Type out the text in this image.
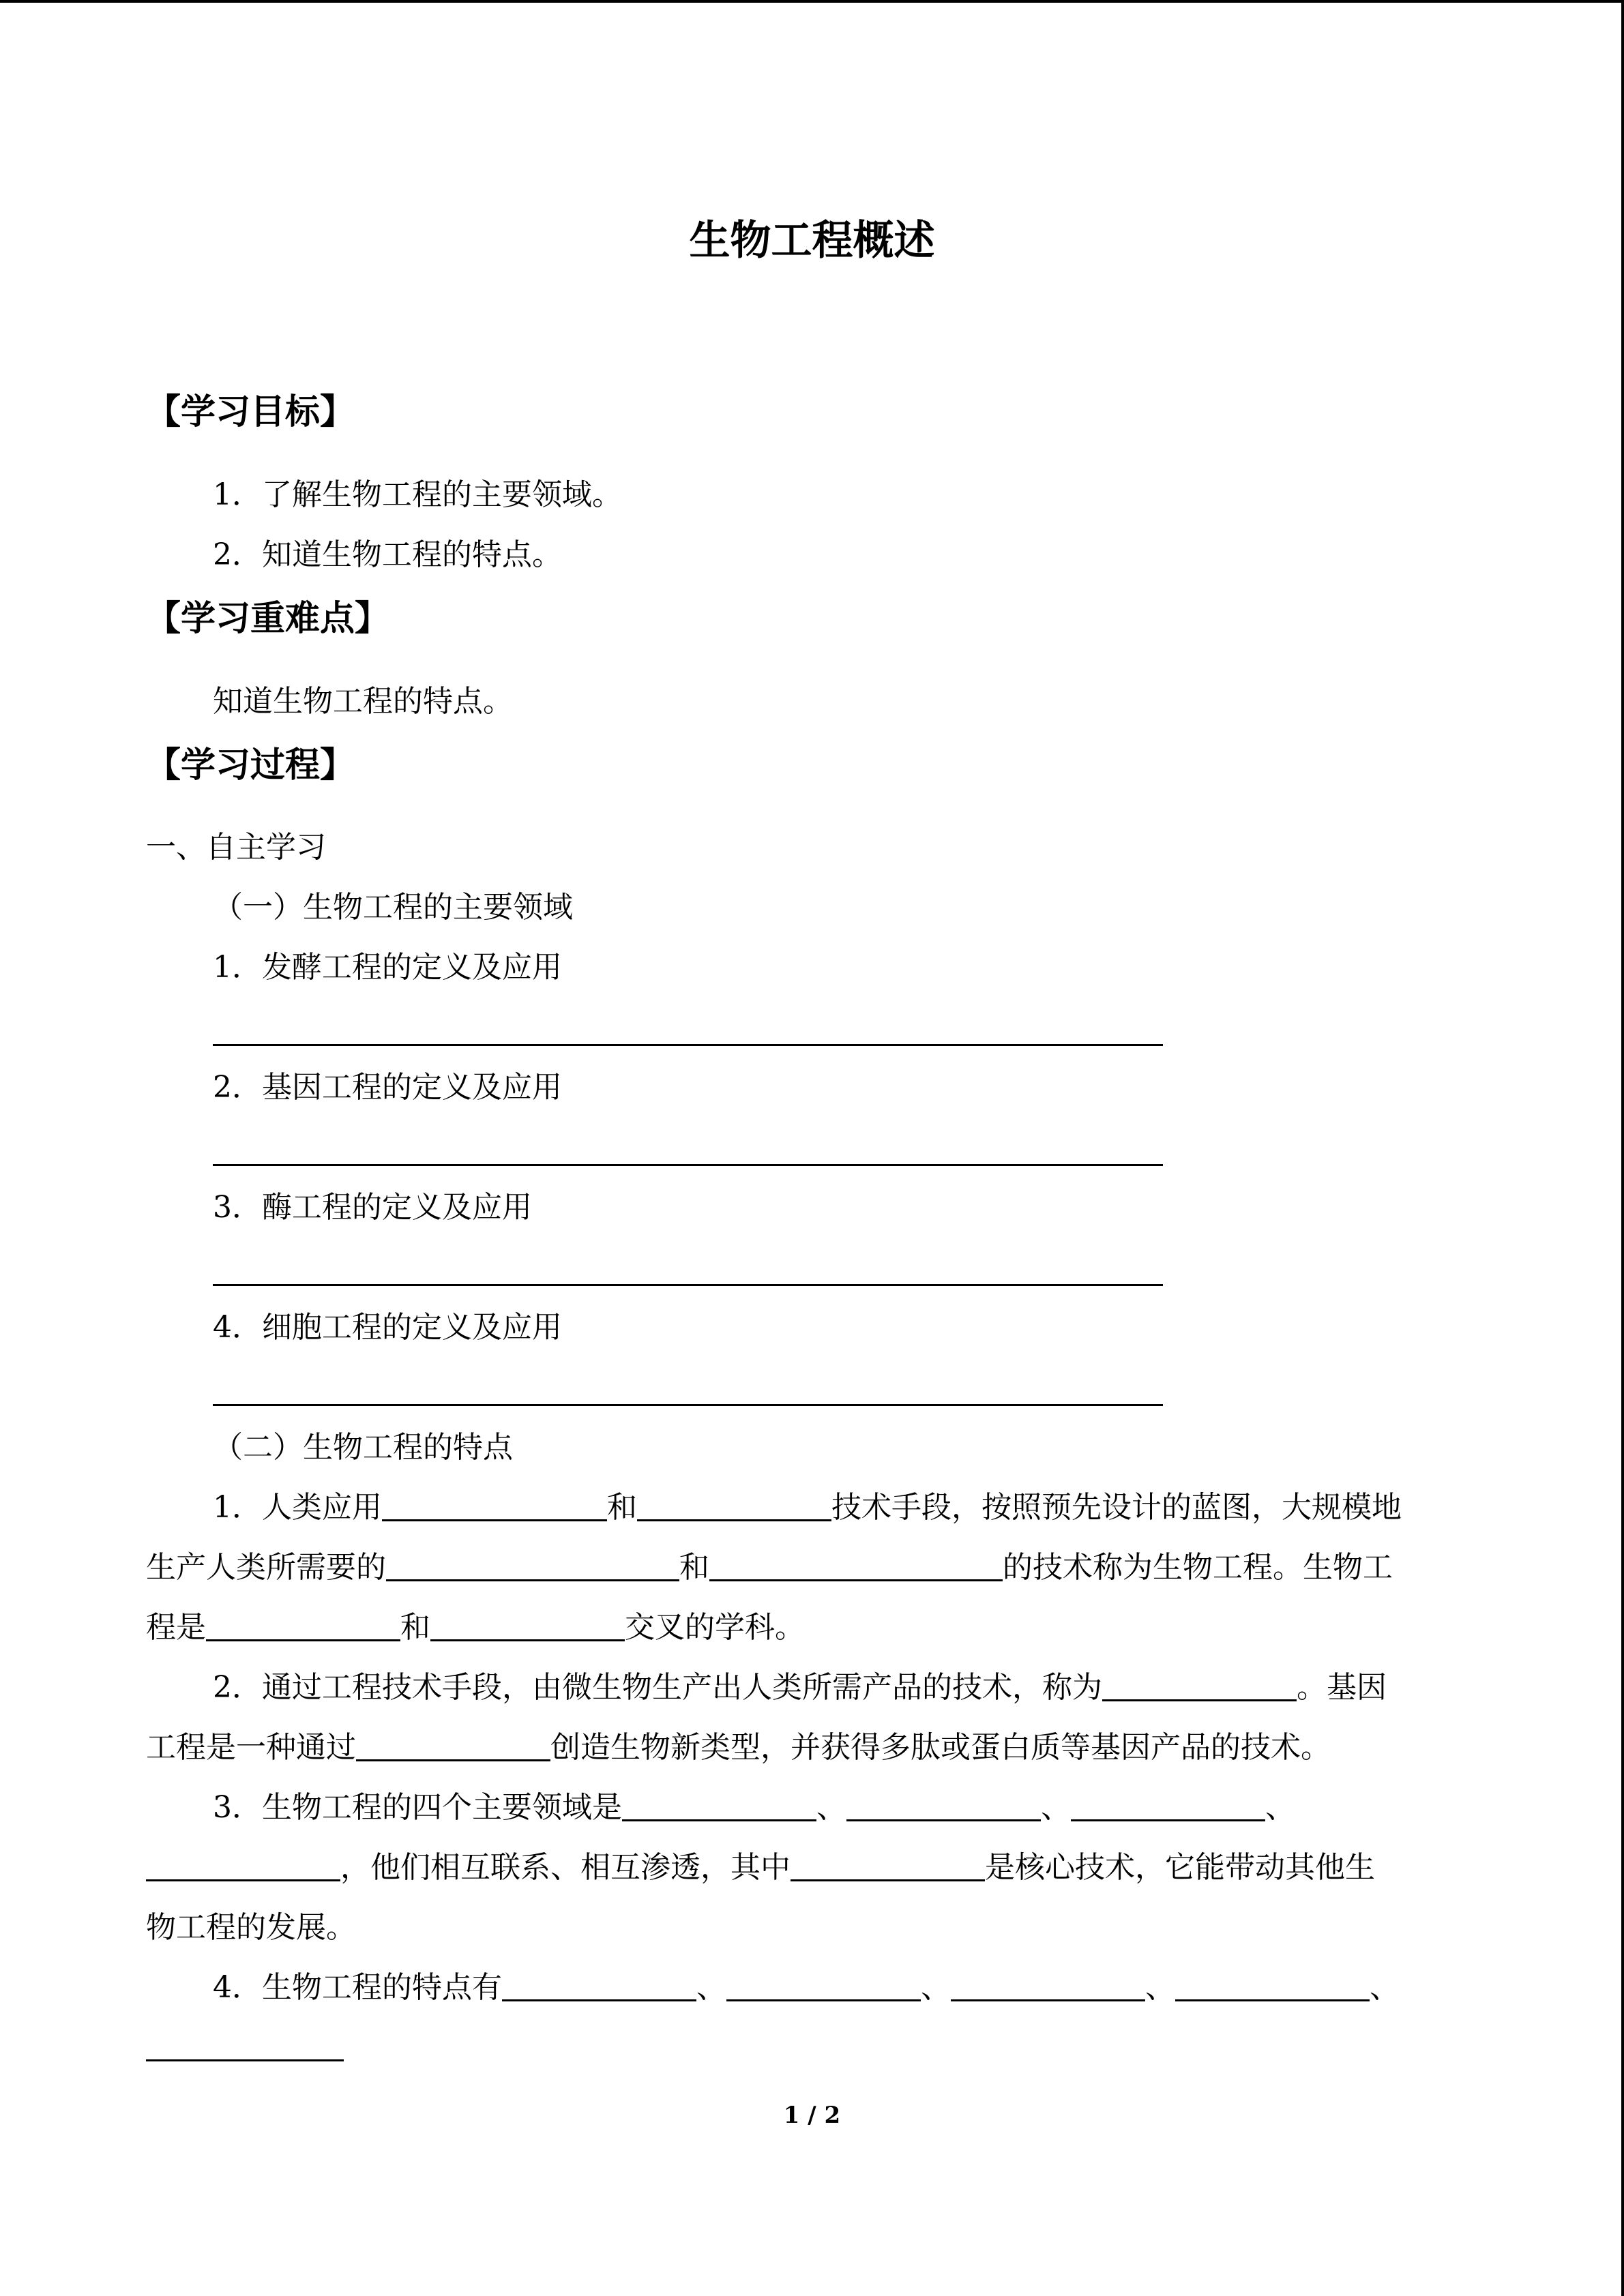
生物工程概述
【学习目标】
1．了解生物工程的主要领域。
2．知道生物工程的特点。
【学习重难点】
知道生物工程的特点。
【学习过程】
一、自主学习
（一）生物工程的主要领域
1．发酵工程的定义及应用
2．基因工程的定义及应用
3．酶工程的定义及应用
4．细胞工程的定义及应用
（二）生物工程的特点
1．人类应用	和	技术手段，按照预先设计的蓝图，大规模地
生产人类所需要的	和	的技术称为生物工程。生物工
程是	和	交叉的学科。
2．通过工程技术手段，由微生物生产出人类所需产品的技术，称为	。基因
工程是一种通过	创造生物新类型，并获得多肽或蛋白质等基因产品的技术。
3．生物工程的四个主要领域是	、	、	、
，他们相互联系、相互渗透，其中	是核心技术，它能带动其他生
物工程的发展。
4．生物工程的特点有	、	、	、	、
1 / 2
